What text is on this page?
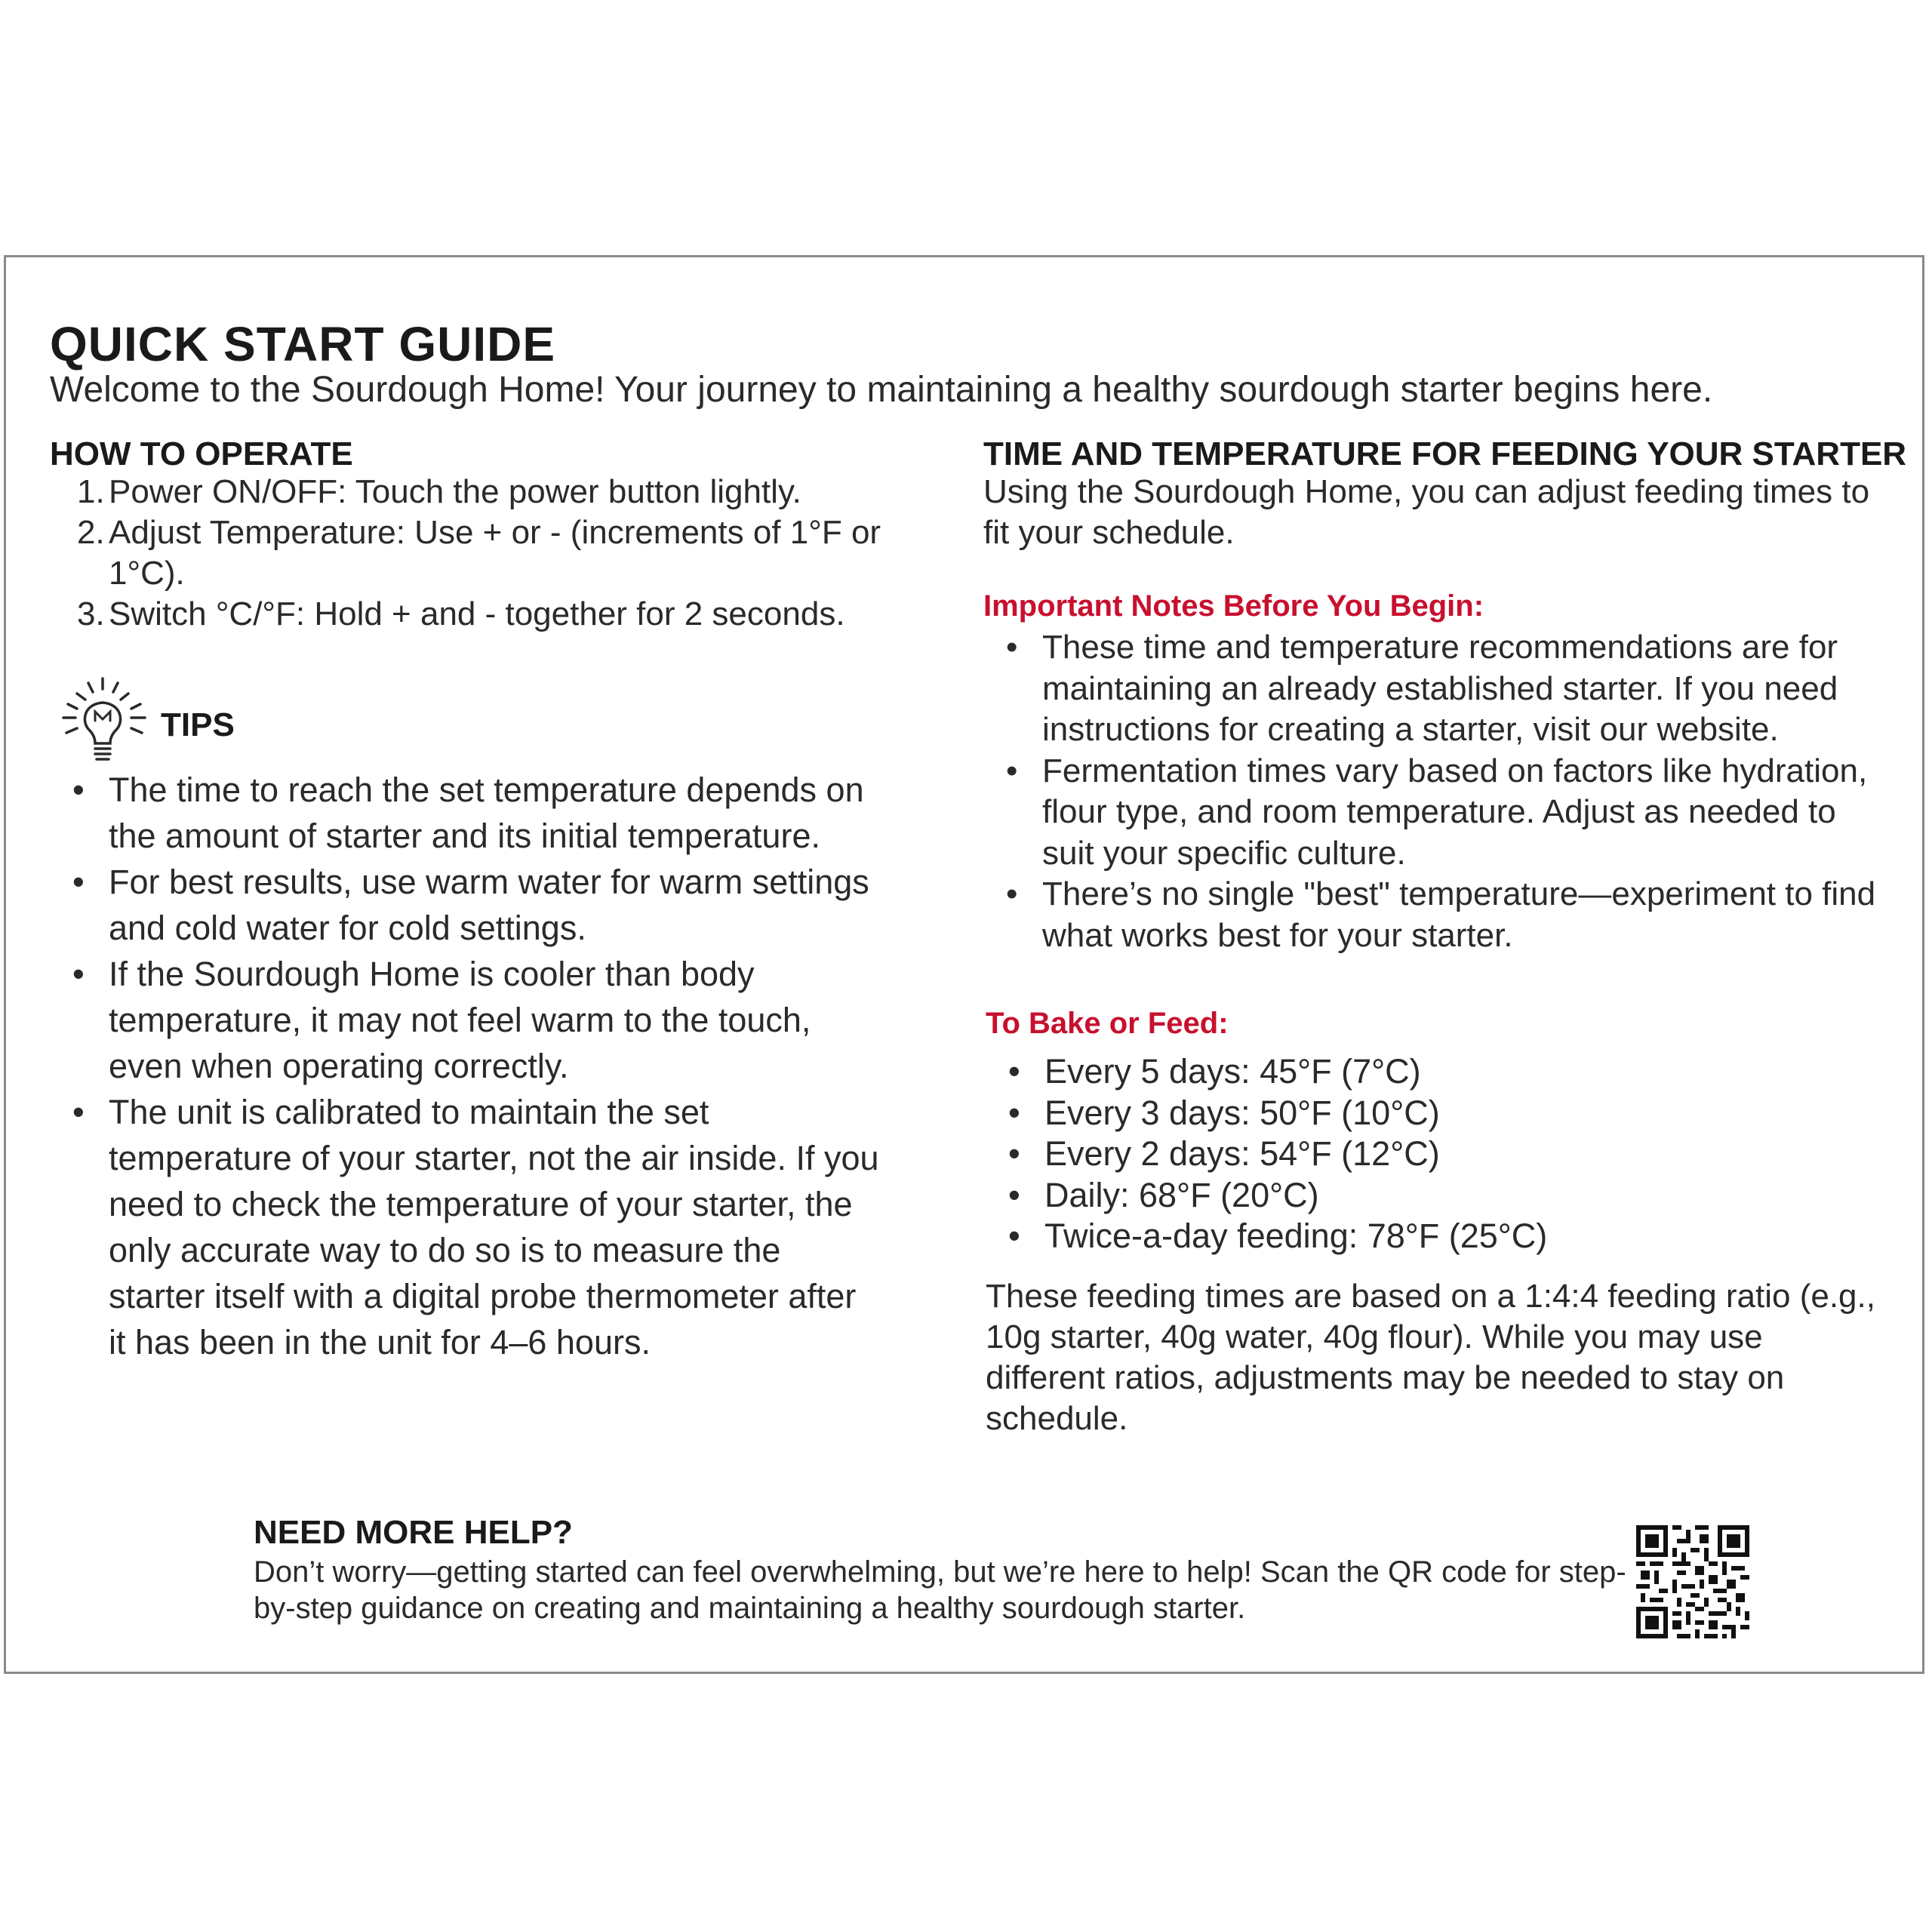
QUICK START GUIDE

Welcome to the Sourdough Home! Your journey to maintaining a healthy sourdough starter begins here.

HOW TO OPERATE
1. Power ON/OFF: Touch the power button lightly.
2. Adjust Temperature: Use + or - (increments of 1°F or 1°C).
3. Switch °C/°F: Hold + and - together for 2 seconds.
TIPS
• The time to reach the set temperature depends on the amount of starter and its initial temperature.
• For best results, use warm water for warm settings and cold water for cold settings.
• If the Sourdough Home is cooler than body temperature, it may not feel warm to the touch, even when operating correctly.
• The unit is calibrated to maintain the set temperature of your starter, not the air inside. If you need to check the temperature of your starter, the only accurate way to do so is to measure the starter itself with a digital probe thermometer after it has been in the unit for 4–6 hours.
TIME AND TEMPERATURE FOR FEEDING YOUR STARTER

Using the Sourdough Home, you can adjust feeding times to fit your schedule.

Important Notes Before You Begin:

• These time and temperature recommendations are for maintaining an already established starter. If you need instructions for creating a starter, visit our website.
• Fermentation times vary based on factors like hydration, flour type, and room temperature. Adjust as needed to suit your specific culture.
• There’s no single "best" temperature—experiment to find what works best for your starter.

To Bake or Feed:

• Every 5 days: 45°F (7°C)
• Every 3 days: 50°F (10°C)
• Every 2 days: 54°F (12°C)
• Daily: 68°F (20°C)
• Twice-a-day feeding: 78°F (25°C)

These feeding times are based on a 1:4:4 feeding ratio (e.g., 10g starter, 40g water, 40g flour). While you may use different ratios, adjustments may be needed to stay on schedule.

NEED MORE HELP?

Don’t worry—getting started can feel overwhelming, but we’re here to help! Scan the QR code for step-by-step guidance on creating and maintaining a healthy sourdough starter.
